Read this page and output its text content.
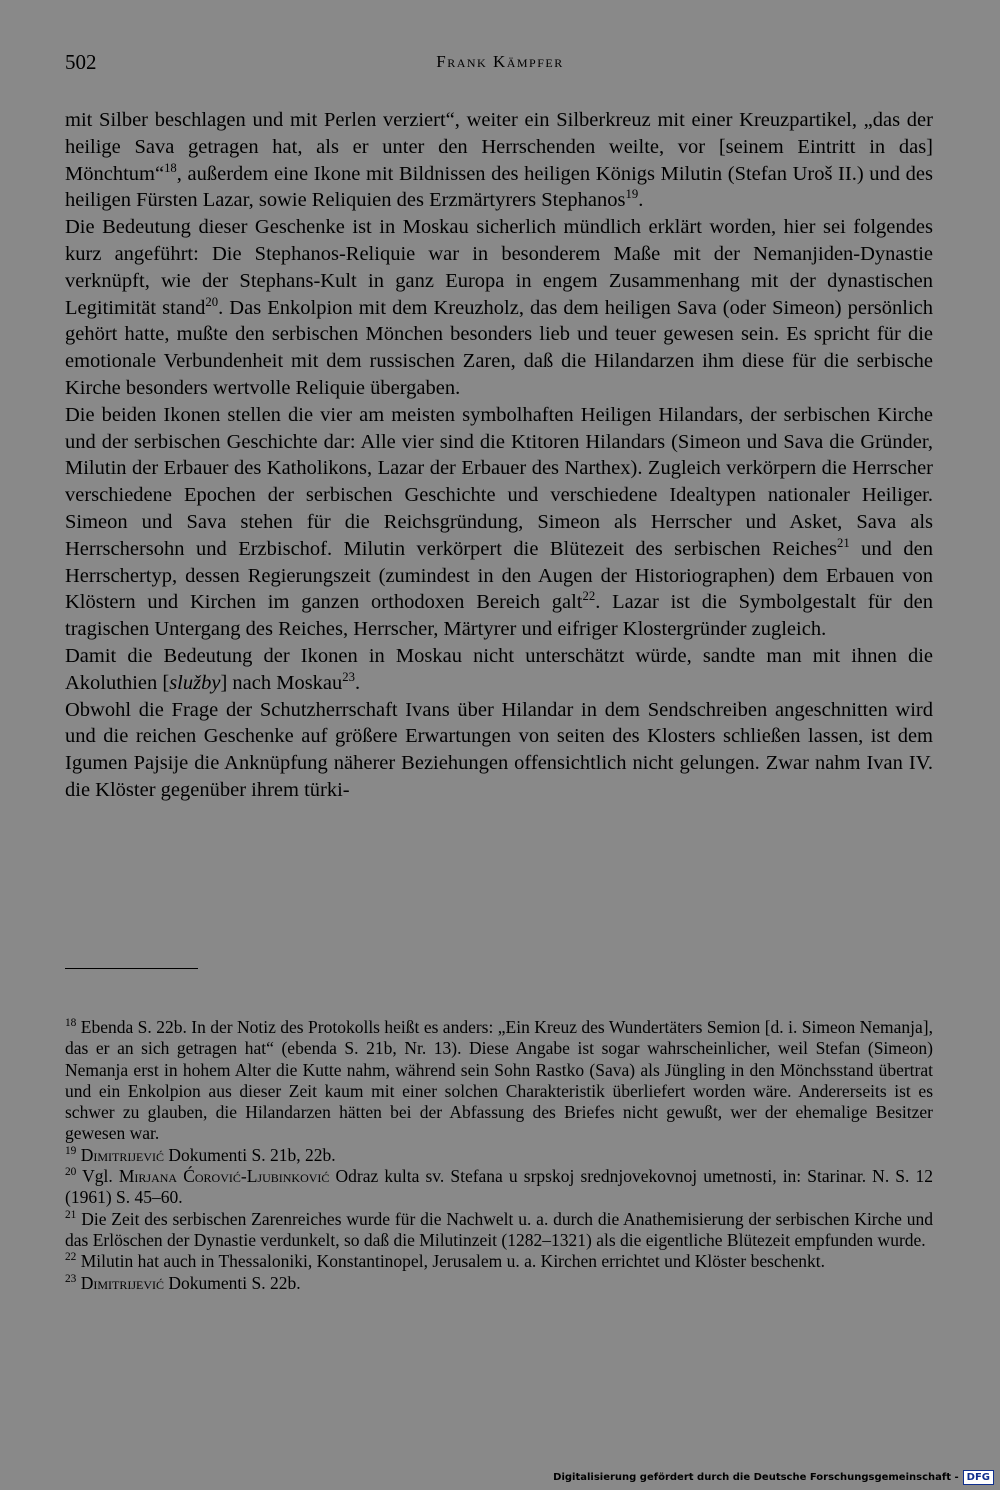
502	Frank Kämpfer

mit Silber beschlagen und mit Perlen verziert“, weiter ein Silberkreuz mit einer Kreuzpartikel, „das der heilige Sava getragen hat, als er unter den Herrschenden weilte, vor [seinem Eintritt in das] Mönchtum“$^{18}$, außerdem eine Ikone mit Bildnissen des heiligen Königs Milutin (Stefan Uroš II.) und des heiligen Fürsten Lazar, sowie Reliquien des Erzmärtyrers Stephanos$^{19}$.

Die Bedeutung dieser Geschenke ist in Moskau sicherlich mündlich erklärt worden, hier sei folgendes kurz angeführt: Die Stephanos-Reliquie war in besonderem Maße mit der Nemanjiden-Dynastie verknüpft, wie der Stephans-Kult in ganz Europa in engem Zusammenhang mit der dynastischen Legitimität stand$^{20}$. Das Enkolpion mit dem Kreuzholz, das dem heiligen Sava (oder Simeon) persönlich gehört hatte, mußte den serbischen Mönchen besonders lieb und teuer gewesen sein. Es spricht für die emotionale Verbundenheit mit dem russischen Zaren, daß die Hilandarzen ihm diese für die serbische Kirche besonders wertvolle Reliquie übergaben.

Die beiden Ikonen stellen die vier am meisten symbolhaften Heiligen Hilandars, der serbischen Kirche und der serbischen Geschichte dar: Alle vier sind die Ktitoren Hilandars (Simeon und Sava die Gründer, Milutin der Erbauer des Katholikons, Lazar der Erbauer des Narthex). Zugleich verkörpern die Herrscher verschiedene Epochen der serbischen Geschichte und verschiedene Idealtypen nationaler Heiliger. Simeon und Sava stehen für die Reichsgründung, Simeon als Herrscher und Asket, Sava als Herrschersohn und Erzbischof. Milutin verkörpert die Blütezeit des serbischen Reiches$^{21}$ und den Herrschertyp, dessen Regierungszeit (zumindest in den Augen der Historiographen) dem Erbauen von Klöstern und Kirchen im ganzen orthodoxen Bereich galt$^{22}$. Lazar ist die Symbolgestalt für den tragischen Untergang des Reiches, Herrscher, Märtyrer und eifriger Klostergründer zugleich.

Damit die Bedeutung der Ikonen in Moskau nicht unterschätzt würde, sandte man mit ihnen die Akoluthien [služby] nach Moskau$^{23}$.

Obwohl die Frage der Schutzherrschaft Ivans über Hilandar in dem Sendschreiben angeschnitten wird und die reichen Geschenke auf größere Erwartungen von seiten des Klosters schließen lassen, ist dem Igumen Pajsije die Anknüpfung näherer Beziehungen offensichtlich nicht gelungen. Zwar nahm Ivan IV. die Klöster gegenüber ihrem türki-

$^{18}$ Ebenda S. 22b. In der Notiz des Protokolls heißt es anders: „Ein Kreuz des Wundertäters Semion [d. i. Simeon Nemanja], das er an sich getragen hat“ (ebenda S. 21b, Nr. 13). Diese Angabe ist sogar wahrscheinlicher, weil Stefan (Simeon) Nemanja erst in hohem Alter die Kutte nahm, während sein Sohn Rastko (Sava) als Jüngling in den Mönchsstand übertrat und ein Enkolpion aus dieser Zeit kaum mit einer solchen Charakteristik überliefert worden wäre. Andererseits ist es schwer zu glauben, die Hilandarzen hätten bei der Abfassung des Briefes nicht gewußt, wer der ehemalige Besitzer gewesen war.

$^{19}$ Dimitrijević Dokumenti S. 21b, 22b.

$^{20}$ Vgl. Mirjana Ćorović-Ljubinković Odraz kulta sv. Stefana u srpskoj srednjovekovnoj umetnosti, in: Starinar. N. S. 12 (1961) S. 45–60.

$^{21}$ Die Zeit des serbischen Zarenreiches wurde für die Nachwelt u. a. durch die Anathemisierung der serbischen Kirche und das Erlöschen der Dynastie verdunkelt, so daß die Milutinzeit (1282–1321) als die eigentliche Blütezeit empfunden wurde.

$^{22}$ Milutin hat auch in Thessaloniki, Konstantinopel, Jerusalem u. a. Kirchen errichtet und Klöster beschenkt.

$^{23}$ Dimitrijević Dokumenti S. 22b.

Digitalisierung gefördert durch die Deutsche Forschungsgemeinschaft - DFG
